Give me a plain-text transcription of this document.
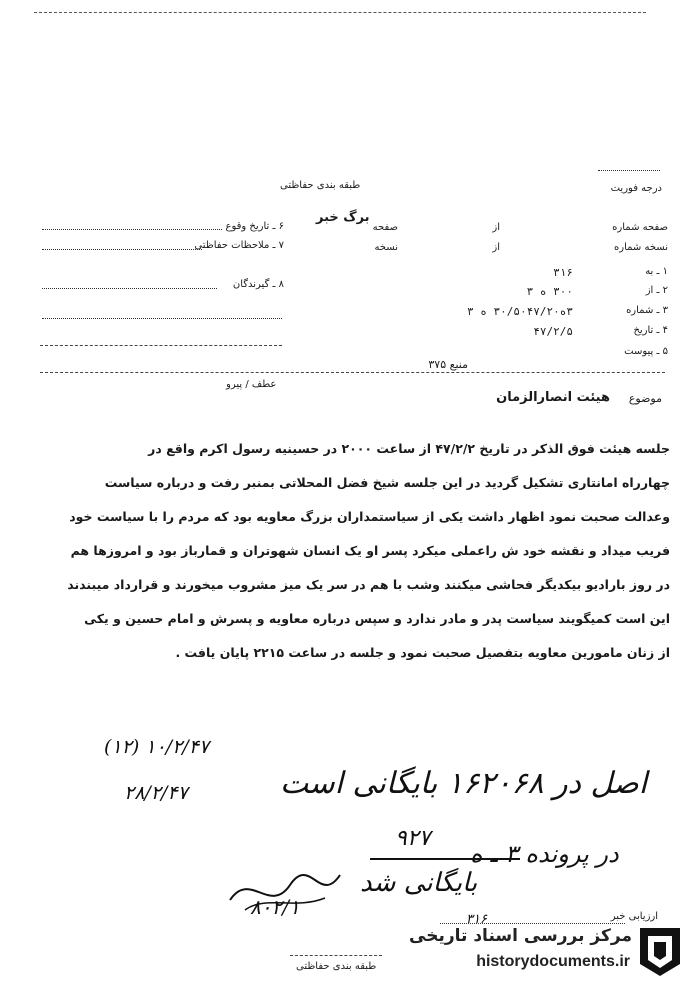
طبقه بندی حفاظتی	درجه فوریت
برگ خبر
صفحه شماره
از
صفحه
نسخه شماره
از
نسخه
۱ ـ به
۳۱۶
۲ ـ از
۳۰۰ ه ۳
۳ ـ شماره
۳ه۳۰/۵۰۴۷/۲۰ ه ۳
۴ ـ تاریخ
۴۷/۲/۵
۵ ـ پیوست
منبع ۳۷۵
۶ ـ تاریخ وقوع
۷ ـ ملاحظات حفاظتی
۸ ـ گیرندگان
عطف / پیرو
موضوع
هیئت انصارالزمان

جلسه هیئت فوق الذکر در تاریخ ۴۷/۲/۲ از ساعت ۲۰۰۰ در حسینیه رسول اکرم واقع در

چهارراه امانتاری تشکیل گردید در این جلسه شیخ فضل المحلاتی بمنبر رفت و درباره سیاست

وعدالت صحبت نمود اظهار داشت یکی از سیاستمداران بزرگ معاویه بود که مردم را با سیاست خود

فریب میداد و نقشه خود ش راعملی میکرد پسر او یک انسان شهوتران و قمارباز بود و امروزها هم

در روز بارادیو بیکدیگر فحاشی میکنند وشب با هم در سر یک میز مشروب میخورند و قرارداد میبندند

این است کمیگویند سیاست پدر و مادر ندارد و سپس درباره معاویه و پسرش و امام حسین و یکی

از زنان مامورین معاویه بتفصیل صحبت نمود و جلسه در ساعت ۲۲۱۵ پایان یافت .

(۱۲) ۱۰/۲/۴۷
۲۸/۲/۴۷	اصل در ۱۶۲۰۶۸ بایگانی است
در پرونده ۳ ـ ه
بایگانی شد
۹۲۷
۸۰۲/۱
۳۱۶	ارزیابی خبر
طبقه بندی حفاظتی
مرکز بررسی اسناد تاریخی
historydocuments.ir
